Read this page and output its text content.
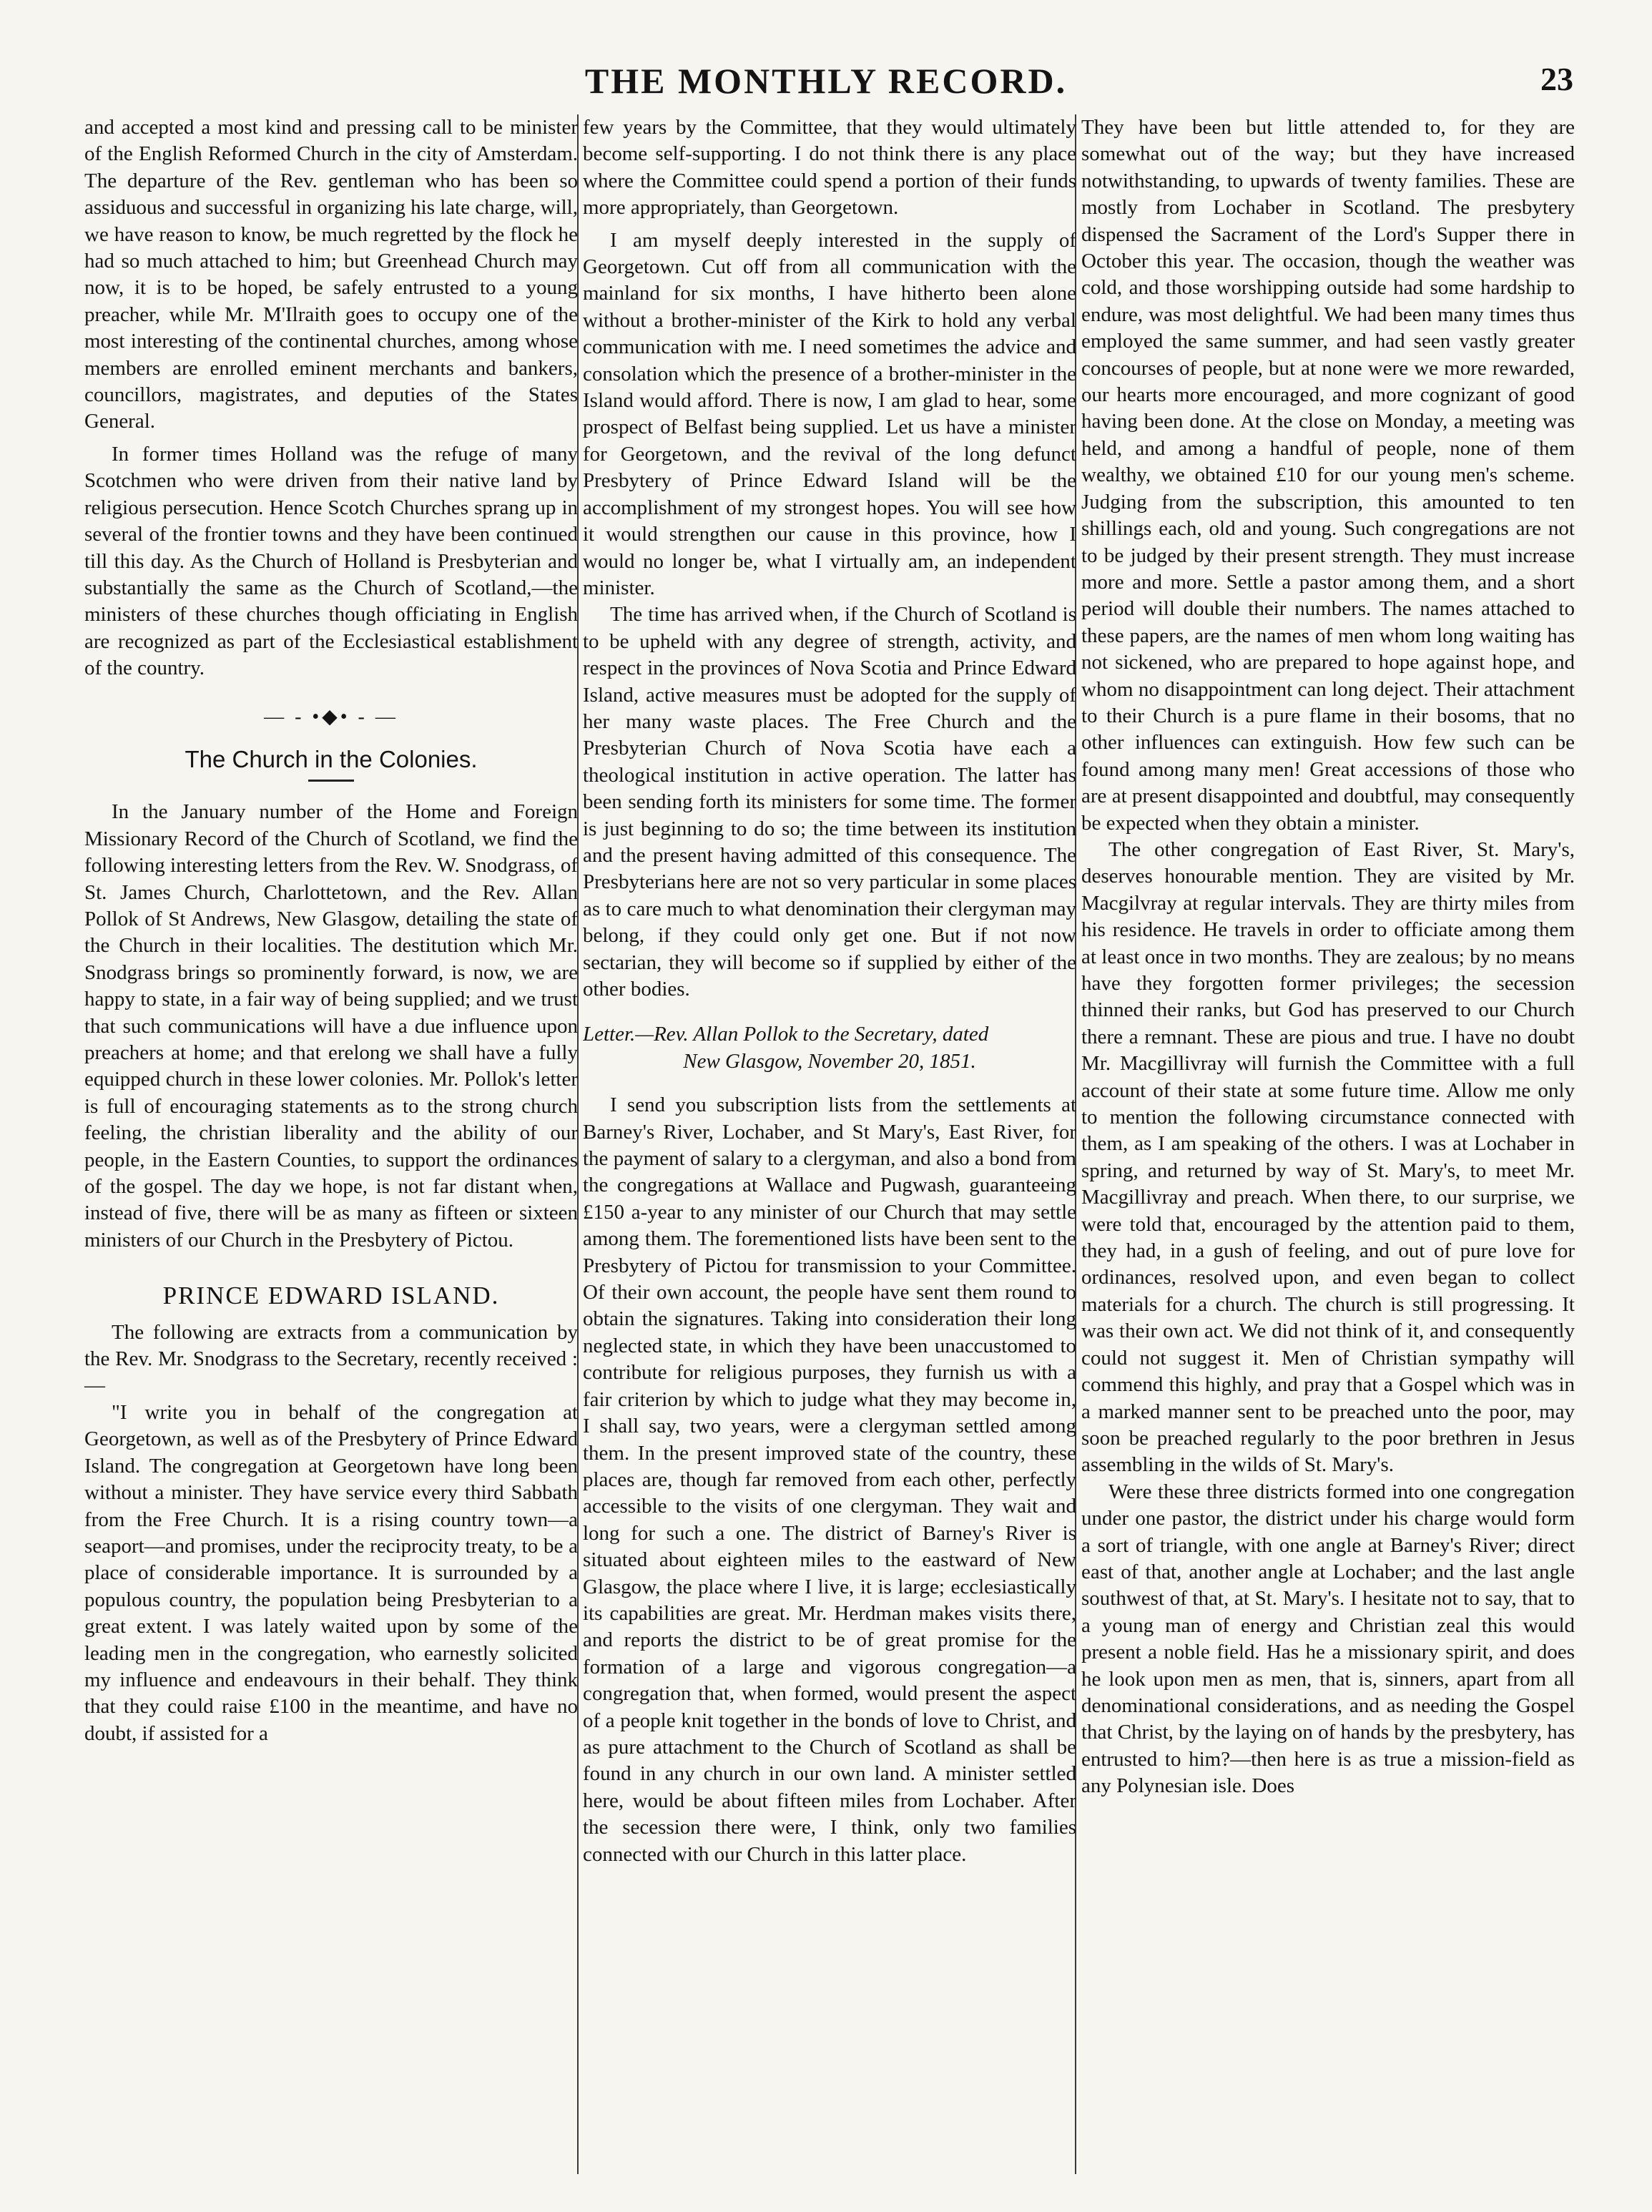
THE MONTHLY RECORD.	23

and accepted a most kind and pressing call to be minister of the English Reformed Church in the city of Amsterdam. The departure of the Rev. gentleman who has been so assiduous and successful in organizing his late charge, will, we have reason to know, be much regretted by the flock he had so much attached to him; but Greenhead Church may now, it is to be hoped, be safely entrusted to a young preacher, while Mr. M'Ilraith goes to occupy one of the most interesting of the continental churches, among whose members are enrolled eminent merchants and bankers, councillors, magistrates, and deputies of the States General.

In former times Holland was the refuge of many Scotchmen who were driven from their native land by religious persecution. Hence Scotch Churches sprang up in several of the frontier towns and they have been continued till this day. As the Church of Holland is Presbyterian and substantially the same as the Church of Scotland,—the ministers of these churches though officiating in English are recognized as part of the Ecclesiastical establishment of the country.

— - •◆• - —
The Church in the Colonies.

In the January number of the Home and Foreign Missionary Record of the Church of Scotland, we find the following interesting letters from the Rev. W. Snodgrass, of St. James Church, Charlottetown, and the Rev. Allan Pollok of St Andrews, New Glasgow, detailing the state of the Church in their localities. The destitution which Mr. Snodgrass brings so prominently forward, is now, we are happy to state, in a fair way of being supplied; and we trust that such communications will have a due influence upon preachers at home; and that erelong we shall have a fully equipped church in these lower colonies. Mr. Pollok's letter is full of encouraging statements as to the strong church feeling, the christian liberality and the ability of our people, in the Eastern Counties, to support the ordinances of the gospel. The day we hope, is not far distant when, instead of five, there will be as many as fifteen or sixteen ministers of our Church in the Presbytery of Pictou.

PRINCE EDWARD ISLAND.

The following are extracts from a communication by the Rev. Mr. Snodgrass to the Secretary, recently received :—

"I write you in behalf of the congregation at Georgetown, as well as of the Presbytery of Prince Edward Island. The congregation at Georgetown have long been without a minister. They have service every third Sabbath from the Free Church. It is a rising country town—a seaport—and promises, under the reciprocity treaty, to be a place of considerable importance. It is surrounded by a populous country, the population being Presbyterian to a great extent. I was lately waited upon by some of the leading men in the congregation, who earnestly solicited my influence and endeavours in their behalf. They think that they could raise £100 in the meantime, and have no doubt, if assisted for a

few years by the Committee, that they would ultimately become self-supporting. I do not think there is any place where the Committee could spend a portion of their funds more appropriately, than Georgetown.

I am myself deeply interested in the supply of Georgetown. Cut off from all communication with the mainland for six months, I have hitherto been alone without a brother-minister of the Kirk to hold any verbal communication with me. I need sometimes the advice and consolation which the presence of a brother-minister in the Island would afford. There is now, I am glad to hear, some prospect of Belfast being supplied. Let us have a minister for Georgetown, and the revival of the long defunct Presbytery of Prince Edward Island will be the accomplishment of my strongest hopes. You will see how it would strengthen our cause in this province, how I would no longer be, what I virtually am, an independent minister.

The time has arrived when, if the Church of Scotland is to be upheld with any degree of strength, activity, and respect in the provinces of Nova Scotia and Prince Edward Island, active measures must be adopted for the supply of her many waste places. The Free Church and the Presbyterian Church of Nova Scotia have each a theological institution in active operation. The latter has been sending forth its ministers for some time. The former is just beginning to do so; the time between its institution and the present having admitted of this consequence. The Presbyterians here are not so very particular in some places as to care much to what denomination their clergyman may belong, if they could only get one. But if not now sectarian, they will become so if supplied by either of the other bodies.

Letter.—Rev. Allan Pollok to the Secretary, dated
New Glasgow, November 20, 1851.

I send you subscription lists from the settlements at Barney's River, Lochaber, and St Mary's, East River, for the payment of salary to a clergyman, and also a bond from the congregations at Wallace and Pugwash, guaranteeing £150 a-year to any minister of our Church that may settle among them. The forementioned lists have been sent to the Presbytery of Pictou for transmission to your Committee. Of their own account, the people have sent them round to obtain the signatures. Taking into consideration their long neglected state, in which they have been unaccustomed to contribute for religious purposes, they furnish us with a fair criterion by which to judge what they may become in, I shall say, two years, were a clergyman settled among them. In the present improved state of the country, these places are, though far removed from each other, perfectly accessible to the visits of one clergyman. They wait and long for such a one. The district of Barney's River is situated about eighteen miles to the eastward of New Glasgow, the place where I live, it is large; ecclesiastically its capabilities are great. Mr. Herdman makes visits there, and reports the district to be of great promise for the formation of a large and vigorous congregation—a congregation that, when formed, would present the aspect of a people knit together in the bonds of love to Christ, and as pure attachment to the Church of Scotland as shall be found in any church in our own land. A minister settled here, would be about fifteen miles from Lochaber. After the secession there were, I think, only two families connected with our Church in this latter place.

They have been but little attended to, for they are somewhat out of the way; but they have increased notwithstanding, to upwards of twenty families. These are mostly from Lochaber in Scotland. The presbytery dispensed the Sacrament of the Lord's Supper there in October this year. The occasion, though the weather was cold, and those worshipping outside had some hardship to endure, was most delightful. We had been many times thus employed the same summer, and had seen vastly greater concourses of people, but at none were we more rewarded, our hearts more encouraged, and more cognizant of good having been done. At the close on Monday, a meeting was held, and among a handful of people, none of them wealthy, we obtained £10 for our young men's scheme. Judging from the subscription, this amounted to ten shillings each, old and young. Such congregations are not to be judged by their present strength. They must increase more and more. Settle a pastor among them, and a short period will double their numbers. The names attached to these papers, are the names of men whom long waiting has not sickened, who are prepared to hope against hope, and whom no disappointment can long deject. Their attachment to their Church is a pure flame in their bosoms, that no other influences can extinguish. How few such can be found among many men! Great accessions of those who are at present disappointed and doubtful, may consequently be expected when they obtain a minister.

The other congregation of East River, St. Mary's, deserves honourable mention. They are visited by Mr. Macgilvray at regular intervals. They are thirty miles from his residence. He travels in order to officiate among them at least once in two months. They are zealous; by no means have they forgotten former privileges; the secession thinned their ranks, but God has preserved to our Church there a remnant. These are pious and true. I have no doubt Mr. Macgillivray will furnish the Committee with a full account of their state at some future time. Allow me only to mention the following circumstance connected with them, as I am speaking of the others. I was at Lochaber in spring, and returned by way of St. Mary's, to meet Mr. Macgillivray and preach. When there, to our surprise, we were told that, encouraged by the attention paid to them, they had, in a gush of feeling, and out of pure love for ordinances, resolved upon, and even began to collect materials for a church. The church is still progressing. It was their own act. We did not think of it, and consequently could not suggest it. Men of Christian sympathy will commend this highly, and pray that a Gospel which was in a marked manner sent to be preached unto the poor, may soon be preached regularly to the poor brethren in Jesus assembling in the wilds of St. Mary's.

Were these three districts formed into one congregation under one pastor, the district under his charge would form a sort of triangle, with one angle at Barney's River; direct east of that, another angle at Lochaber; and the last angle southwest of that, at St. Mary's. I hesitate not to say, that to a young man of energy and Christian zeal this would present a noble field. Has he a missionary spirit, and does he look upon men as men, that is, sinners, apart from all denominational considerations, and as needing the Gospel that Christ, by the laying on of hands by the presbytery, has entrusted to him?—then here is as true a mission-field as any Polynesian isle. Does
